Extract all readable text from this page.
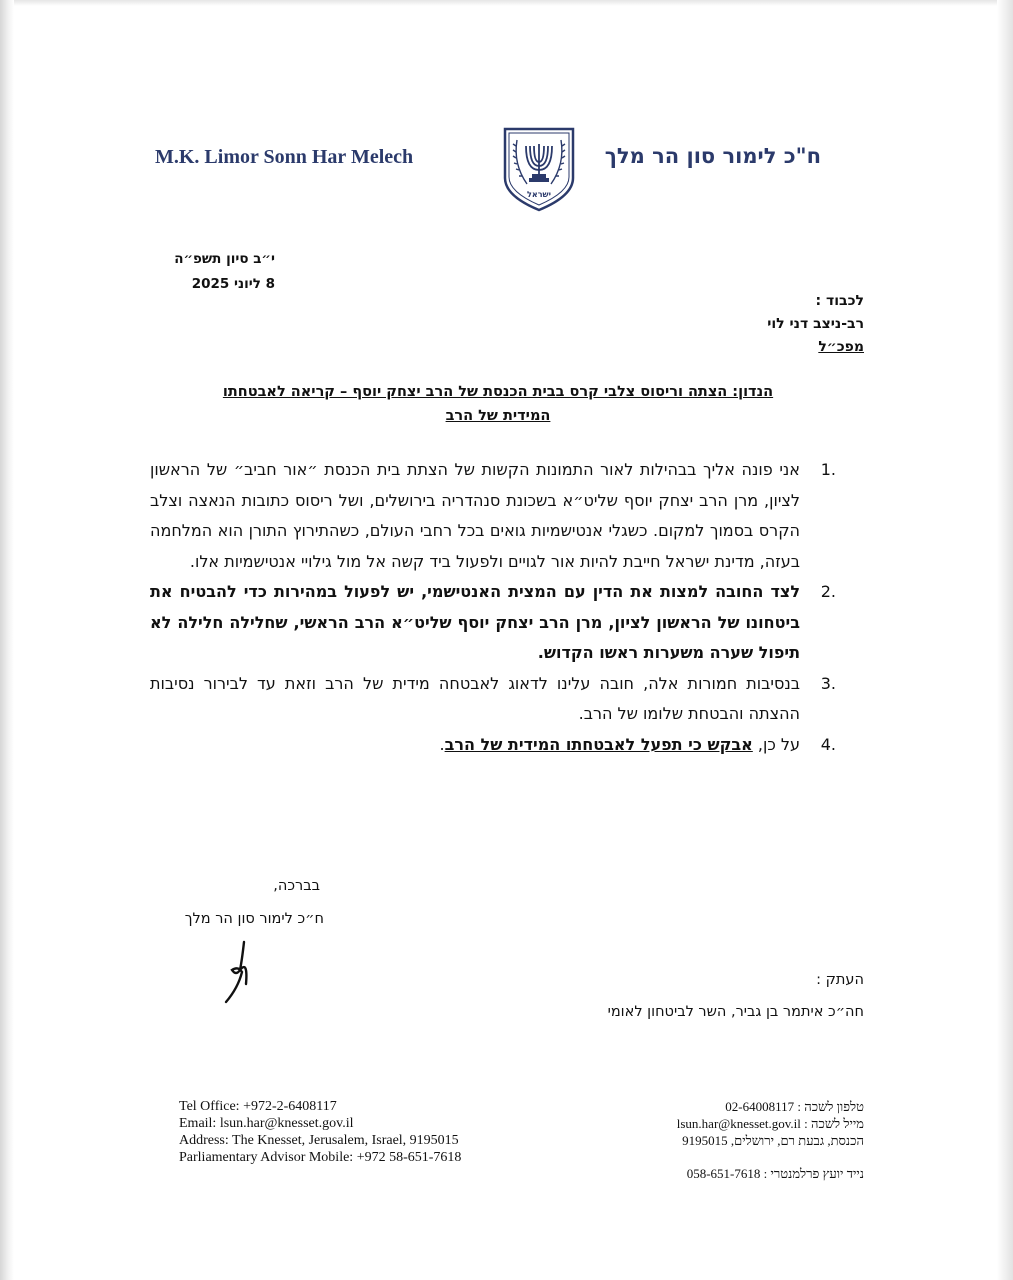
M.K. Limor Sonn Har Melech
ישראל
ח"כ לימור סון הר מלך
י״ב סיון תשפ״ה
8 ליוני 2025
לכבוד :
רב-ניצב דני לוי
מפכ״ל
הנדון: הצתה וריסוס צלבי קרס בבית הכנסת של הרב יצחק יוסף – קריאה לאבטחתו
המידית של הרב
1.
אני פונה אליך בבהילות לאור התמונות הקשות של הצתת בית הכנסת ״אור חביב״ של הראשון לציון, מרן הרב יצחק יוסף שליט״א בשכונת סנהדריה בירושלים, ושל ריסוס כתובות הנאצה וצלב הקרס בסמוך למקום. כשגלי אנטישמיות גואים בכל רחבי העולם, כשהתירוץ התורן הוא המלחמה בעזה, מדינת ישראל חייבת להיות אור לגויים ולפעול ביד קשה אל מול גילויי אנטישמיות אלו.
2.
לצד החובה למצות את הדין עם המצית האנטישמי, יש לפעול במהירות כדי להבטיח את ביטחונו של הראשון לציון, מרן הרב יצחק יוסף שליט״א הרב הראשי, שחלילה חלילה לא תיפול שערה משערות ראשו הקדוש.
3.
בנסיבות חמורות אלה, חובה עלינו לדאוג לאבטחה מידית של הרב וזאת עד לבירור נסיבות ההצתה והבטחת שלומו של הרב.
4.
על כן, אבקש כי תפעל לאבטחתו המידית של הרב.
בברכה,
ח״כ לימור סון הר מלך
העתק :
חה״כ איתמר בן גביר, השר לביטחון לאומי
Tel Office: +972-2-6408117
Email: lsun.har@knesset.gov.il
Address: The Knesset, Jerusalem, Israel, 9195015
Parliamentary Advisor Mobile: +972 58-651-7618
טלפון לשכה : 02-64008117
מייל לשכה : lsun.har@knesset.gov.il
הכנסת, גבעת רם, ירושלים, 9195015
נייד יועץ פרלמנטרי : 058-651-7618
